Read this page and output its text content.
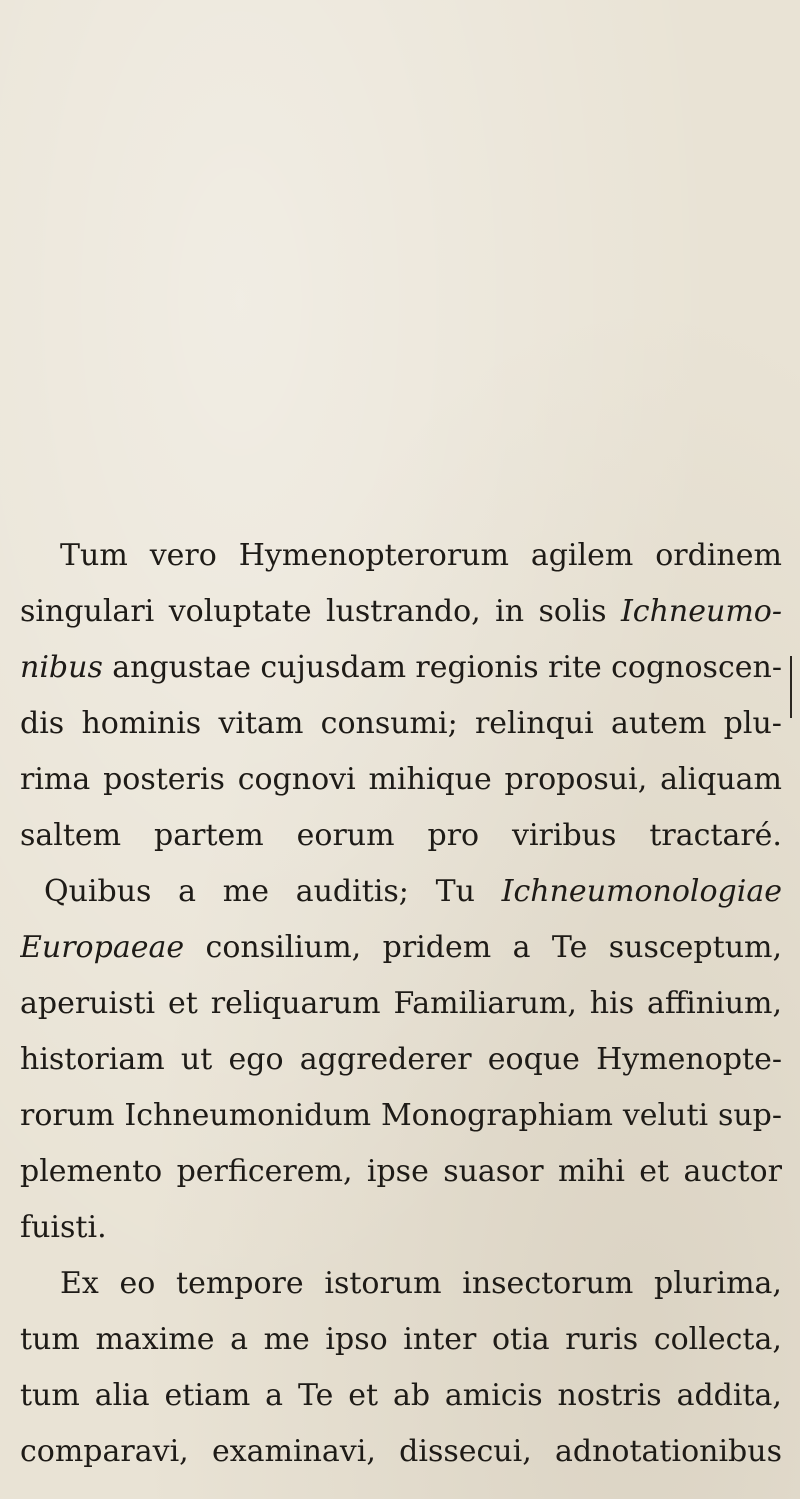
Tum vero Hymenopterorum agilem ordinem
singulari voluptate lustrando, in solis Ichneumo-
nibus angustae cujusdam regionis rite cognoscen-
dis hominis vitam consumi; relinqui autem plu-
rima posteris cognovi mihique proposui, aliquam
saltem partem eorum pro viribus tractaré.
Quibus a me auditis; Tu Ichneumonologiae
Europaeae consilium, pridem a Te susceptum,
aperuisti et reliquarum Familiarum, his affinium,
historiam ut ego aggrederer eoque Hymenopte-
rorum Ichneumonidum Monographiam veluti sup-
plemento perficerem, ipse suasor mihi et auctor
fuisti.
Ex eo tempore istorum insectorum plurima,
tum maxime a me ipso inter otia ruris collecta,
tum alia etiam a Te et ab amicis nostris addita,
comparavi, examinavi, dissecui, adnotationibus
